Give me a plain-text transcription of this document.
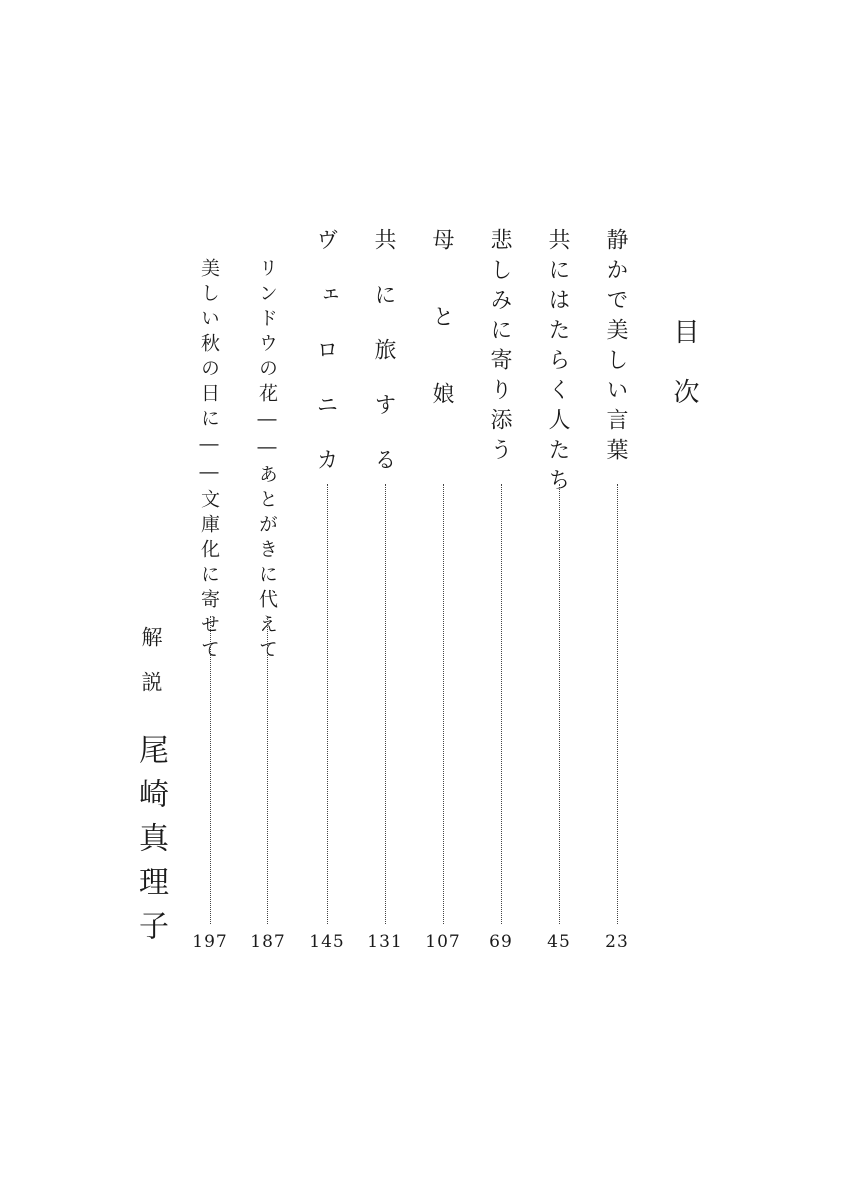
目次
静かで美しい言葉
23
共にはたらく人たち
45
悲しみに寄り添う
69
母と娘
107
共に旅する
131
ヴェロニカ
145
リンドウの花――あとがきに代えて
187
美しい秋の日に――文庫化に寄せて
197
解説
尾崎真理子
